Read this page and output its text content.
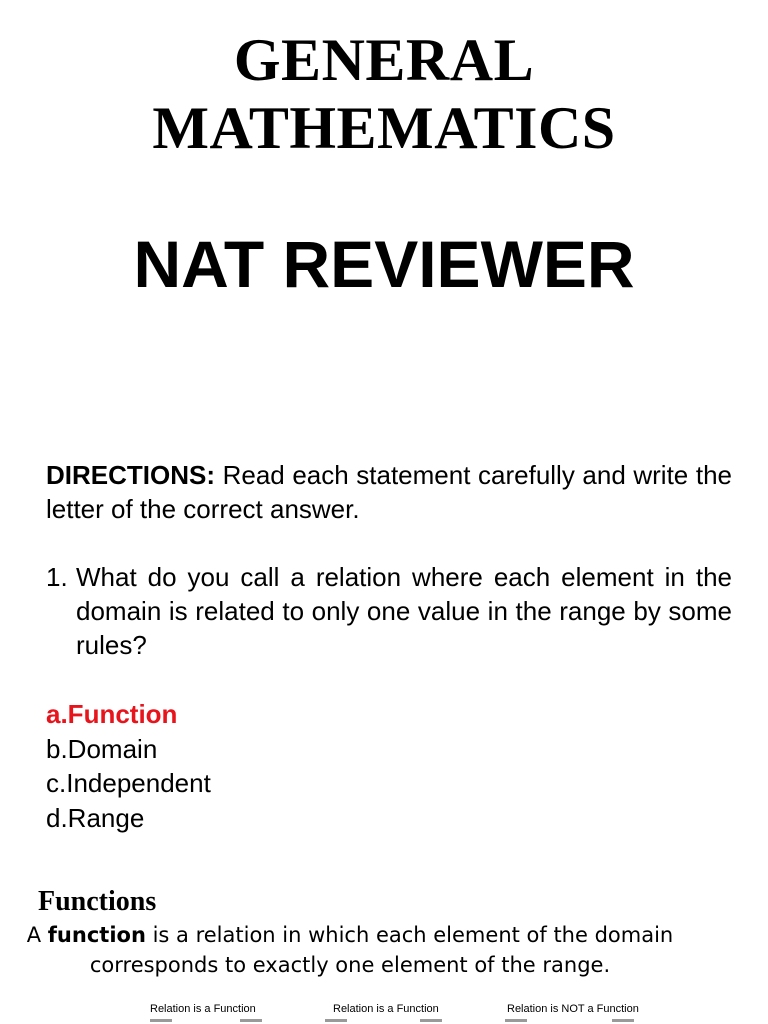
GENERAL
MATHEMATICS
NAT REVIEWER
DIRECTIONS: Read each statement carefully and write the letter of the correct answer.
1. What do you call a relation where each element in the domain is related to only one value in the range by some rules?
a.Function
b.Domain
c.Independent
d.Range
Functions
A function is a relation in which each element of the domain corresponds to exactly one element of the range.
Relation is a Function	Relation is a Function	Relation is NOT a Function
